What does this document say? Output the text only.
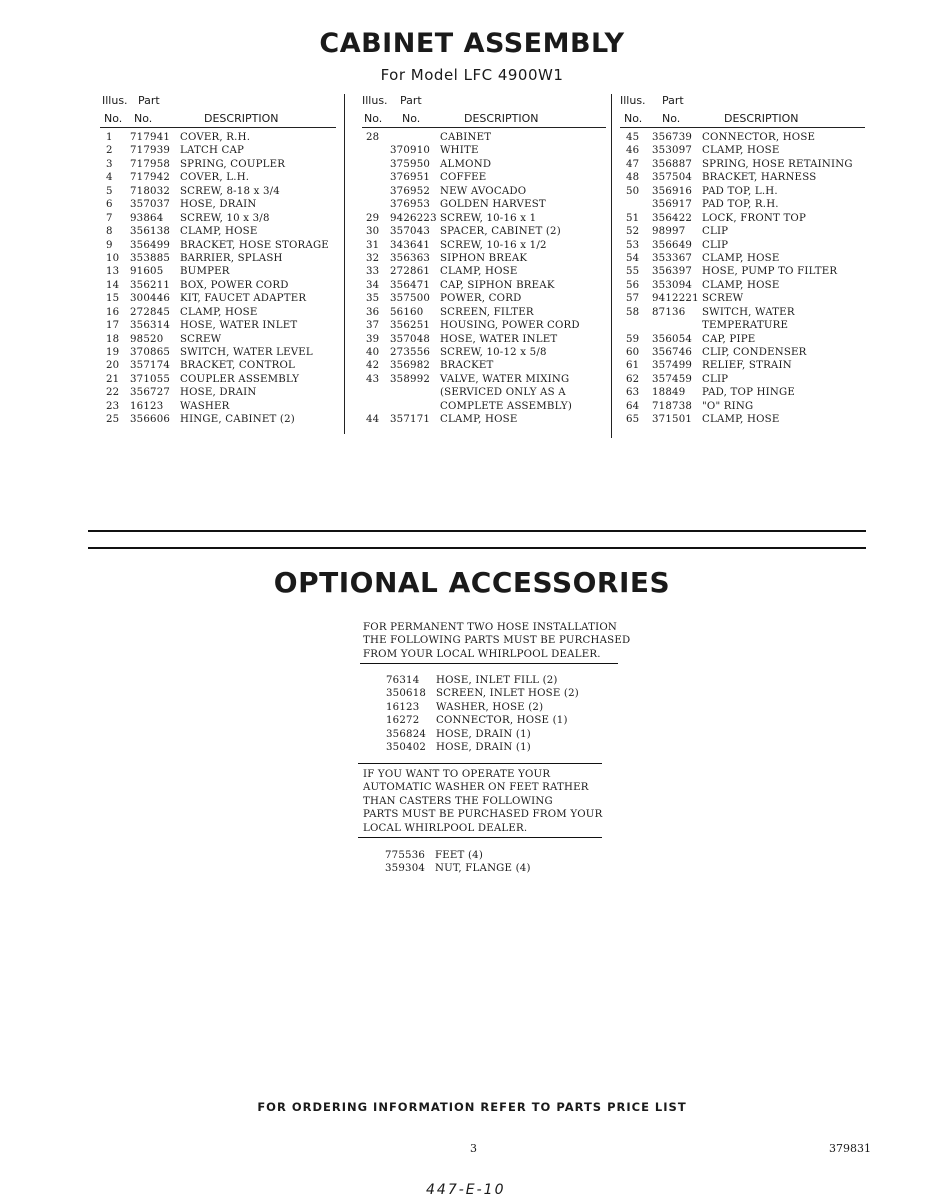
CABINET ASSEMBLY
For Model LFC 4900W1
Illus. Part
No. No.	DESCRIPTION
1 717941 COVER, R.H.
2 717939 LATCH CAP
3 717958 SPRING, COUPLER
4 717942 COVER, L.H.
5 718032 SCREW, 8-18 x 3/4
6 357037 HOSE, DRAIN
7 93864 SCREW, 10 x 3/8
8 356138 CLAMP, HOSE
9 356499 BRACKET, HOSE STORAGE
10 353885 BARRIER, SPLASH
13 91605 BUMPER
14 356211 BOX, POWER CORD
15 300446 KIT, FAUCET ADAPTER
16 272845 CLAMP, HOSE
17 356314 HOSE, WATER INLET
18 98520 SCREW
19 370865 SWITCH, WATER LEVEL
20 357174 BRACKET, CONTROL
21 371055 COUPLER ASSEMBLY
22 356727 HOSE, DRAIN
23 16123 WASHER
25 356606 HINGE, CABINET (2)
Illus. Part
No. No.	DESCRIPTION
28	CABINET
370910 WHITE
375950 ALMOND
376951 COFFEE
376952 NEW AVOCADO
376953 GOLDEN HARVEST
29 9426223 SCREW, 10-16 x 1
30 357043 SPACER, CABINET (2)
31 343641 SCREW, 10-16 x 1/2
32 356363 SIPHON BREAK
33 272861 CLAMP, HOSE
34 356471 CAP, SIPHON BREAK
35 357500 POWER, CORD
36 56160 SCREEN, FILTER
37 356251 HOUSING, POWER CORD
39 357048 HOSE, WATER INLET
40 273556 SCREW, 10-12 x 5/8
42 356982 BRACKET
43 358992 VALVE, WATER MIXING
(SERVICED ONLY AS A
COMPLETE ASSEMBLY)
44 357171 CLAMP, HOSE
Illus. Part
No. No.	DESCRIPTION
45 356739 CONNECTOR, HOSE
46 353097 CLAMP, HOSE
47 356887 SPRING, HOSE RETAINING
48 357504 BRACKET, HARNESS
50 356916 PAD TOP, L.H.
356917 PAD TOP, R.H.
51 356422 LOCK, FRONT TOP
52 98997 CLIP
53 356649 CLIP
54 353367 CLAMP, HOSE
55 356397 HOSE, PUMP TO FILTER
56 353094 CLAMP, HOSE
57 9412221 SCREW
58 87136 SWITCH, WATER
TEMPERATURE
59 356054 CAP, PIPE
60 356746 CLIP, CONDENSER
61 357499 RELIEF, STRAIN
62 357459 CLIP
63 18849 PAD, TOP HINGE
64 718738 "O" RING
65 371501 CLAMP, HOSE
OPTIONAL ACCESSORIES
FOR PERMANENT TWO HOSE INSTALLATION
THE FOLLOWING PARTS MUST BE PURCHASED
FROM YOUR LOCAL WHIRLPOOL DEALER.
76314 HOSE, INLET FILL (2)
350618 SCREEN, INLET HOSE (2)
16123 WASHER, HOSE (2)
16272 CONNECTOR, HOSE (1)
356824 HOSE, DRAIN (1)
350402 HOSE, DRAIN (1)
IF YOU WANT TO OPERATE YOUR
AUTOMATIC WASHER ON FEET RATHER
THAN CASTERS THE FOLLOWING
PARTS MUST BE PURCHASED FROM YOUR
LOCAL WHIRLPOOL DEALER.
775536 FEET (4)
359304 NUT, FLANGE (4)
FOR ORDERING INFORMATION REFER TO PARTS PRICE LIST
3	379831
447-E-10
